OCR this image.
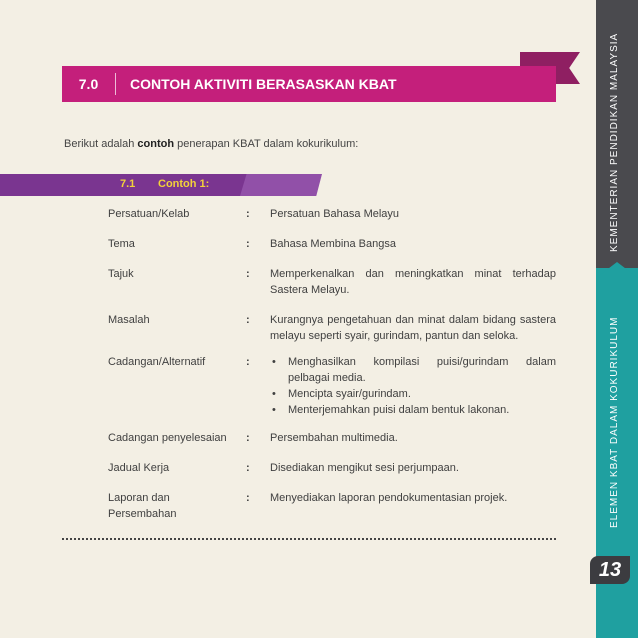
KEMENTERIAN PENDIDIKAN MALAYSIA
ELEMEN KBAT DALAM KOKURIKULUM
13
7.0	CONTOH AKTIVITI BERASASKAN KBAT
Berikut adalah contoh penerapan KBAT dalam kokurikulum:
7.1 Contoh 1:
Persatuan/Kelab	: Persatuan Bahasa Melayu
Tema	: Bahasa Membina Bangsa
Tajuk	: Memperkenalkan dan meningkatkan minat terhadap Sastera Melayu.
Masalah	: Kurangnya pengetahuan dan minat dalam bidang sastera melayu seperti syair, gurindam, pantun dan seloka.
Cadangan/Alternatif	:
•	Menghasilkan kompilasi puisi/gurindam dalam pelbagai media.
• Mencipta syair/gurindam.
• Menterjemahkan puisi dalam bentuk lakonan.
Cadangan penyelesaian	: Persembahan multimedia.
Jadual Kerja	: Disediakan mengikut sesi perjumpaan.
Laporan dan Persembahan
: Menyediakan laporan pendokumentasian projek.
